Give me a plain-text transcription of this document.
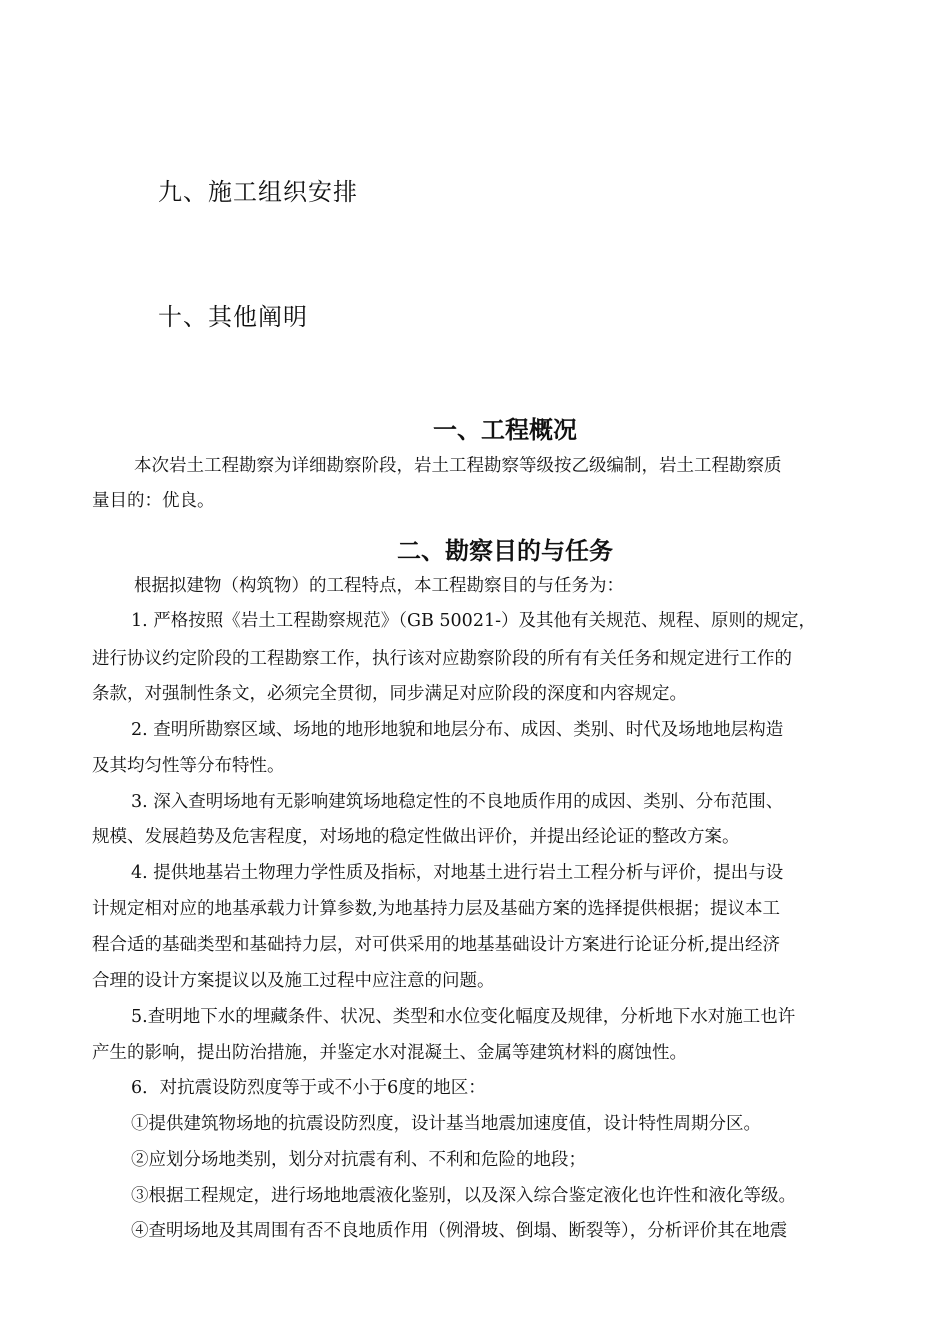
九、施工组织安排
十、其他阐明
一、工程概况
本次岩土工程勘察为详细勘察阶段，岩土工程勘察等级按乙级编制，岩土工程勘察质
量目的：优良。
二、勘察目的与任务
根据拟建物（构筑物）的工程特点，本工程勘察目的与任务为：
1. 严格按照《岩土工程勘察规范》（GB 50021-）及其他有关规范、规程、原则的规定，
进行协议约定阶段的工程勘察工作，执行该对应勘察阶段的所有有关任务和规定进行工作的
条款，对强制性条文，必须完全贯彻，同步满足对应阶段的深度和内容规定。
2. 查明所勘察区域、场地的地形地貌和地层分布、成因、类别、时代及场地地层构造
及其均匀性等分布特性。
3. 深入查明场地有无影响建筑场地稳定性的不良地质作用的成因、类别、分布范围、
规模、发展趋势及危害程度，对场地的稳定性做出评价，并提出经论证的整改方案。
4. 提供地基岩土物理力学性质及指标，对地基土进行岩土工程分析与评价，提出与设
计规定相对应的地基承载力计算参数,为地基持力层及基础方案的选择提供根据；提议本工
程合适的基础类型和基础持力层，对可供采用的地基基础设计方案进行论证分析,提出经济
合理的设计方案提议以及施工过程中应注意的问题。
5.查明地下水的埋藏条件、状况、类型和水位变化幅度及规律，分析地下水对施工也许
产生的影响，提出防治措施，并鉴定水对混凝土、金属等建筑材料的腐蚀性。
6．对抗震设防烈度等于或不小于6度的地区：
①提供建筑物场地的抗震设防烈度，设计基当地震加速度值，设计特性周期分区。
②应划分场地类别，划分对抗震有利、不利和危险的地段；
③根据工程规定，进行场地地震液化鉴别，以及深入综合鉴定液化也许性和液化等级。
④查明场地及其周围有否不良地质作用（例滑坡、倒塌、断裂等），分析评价其在地震
